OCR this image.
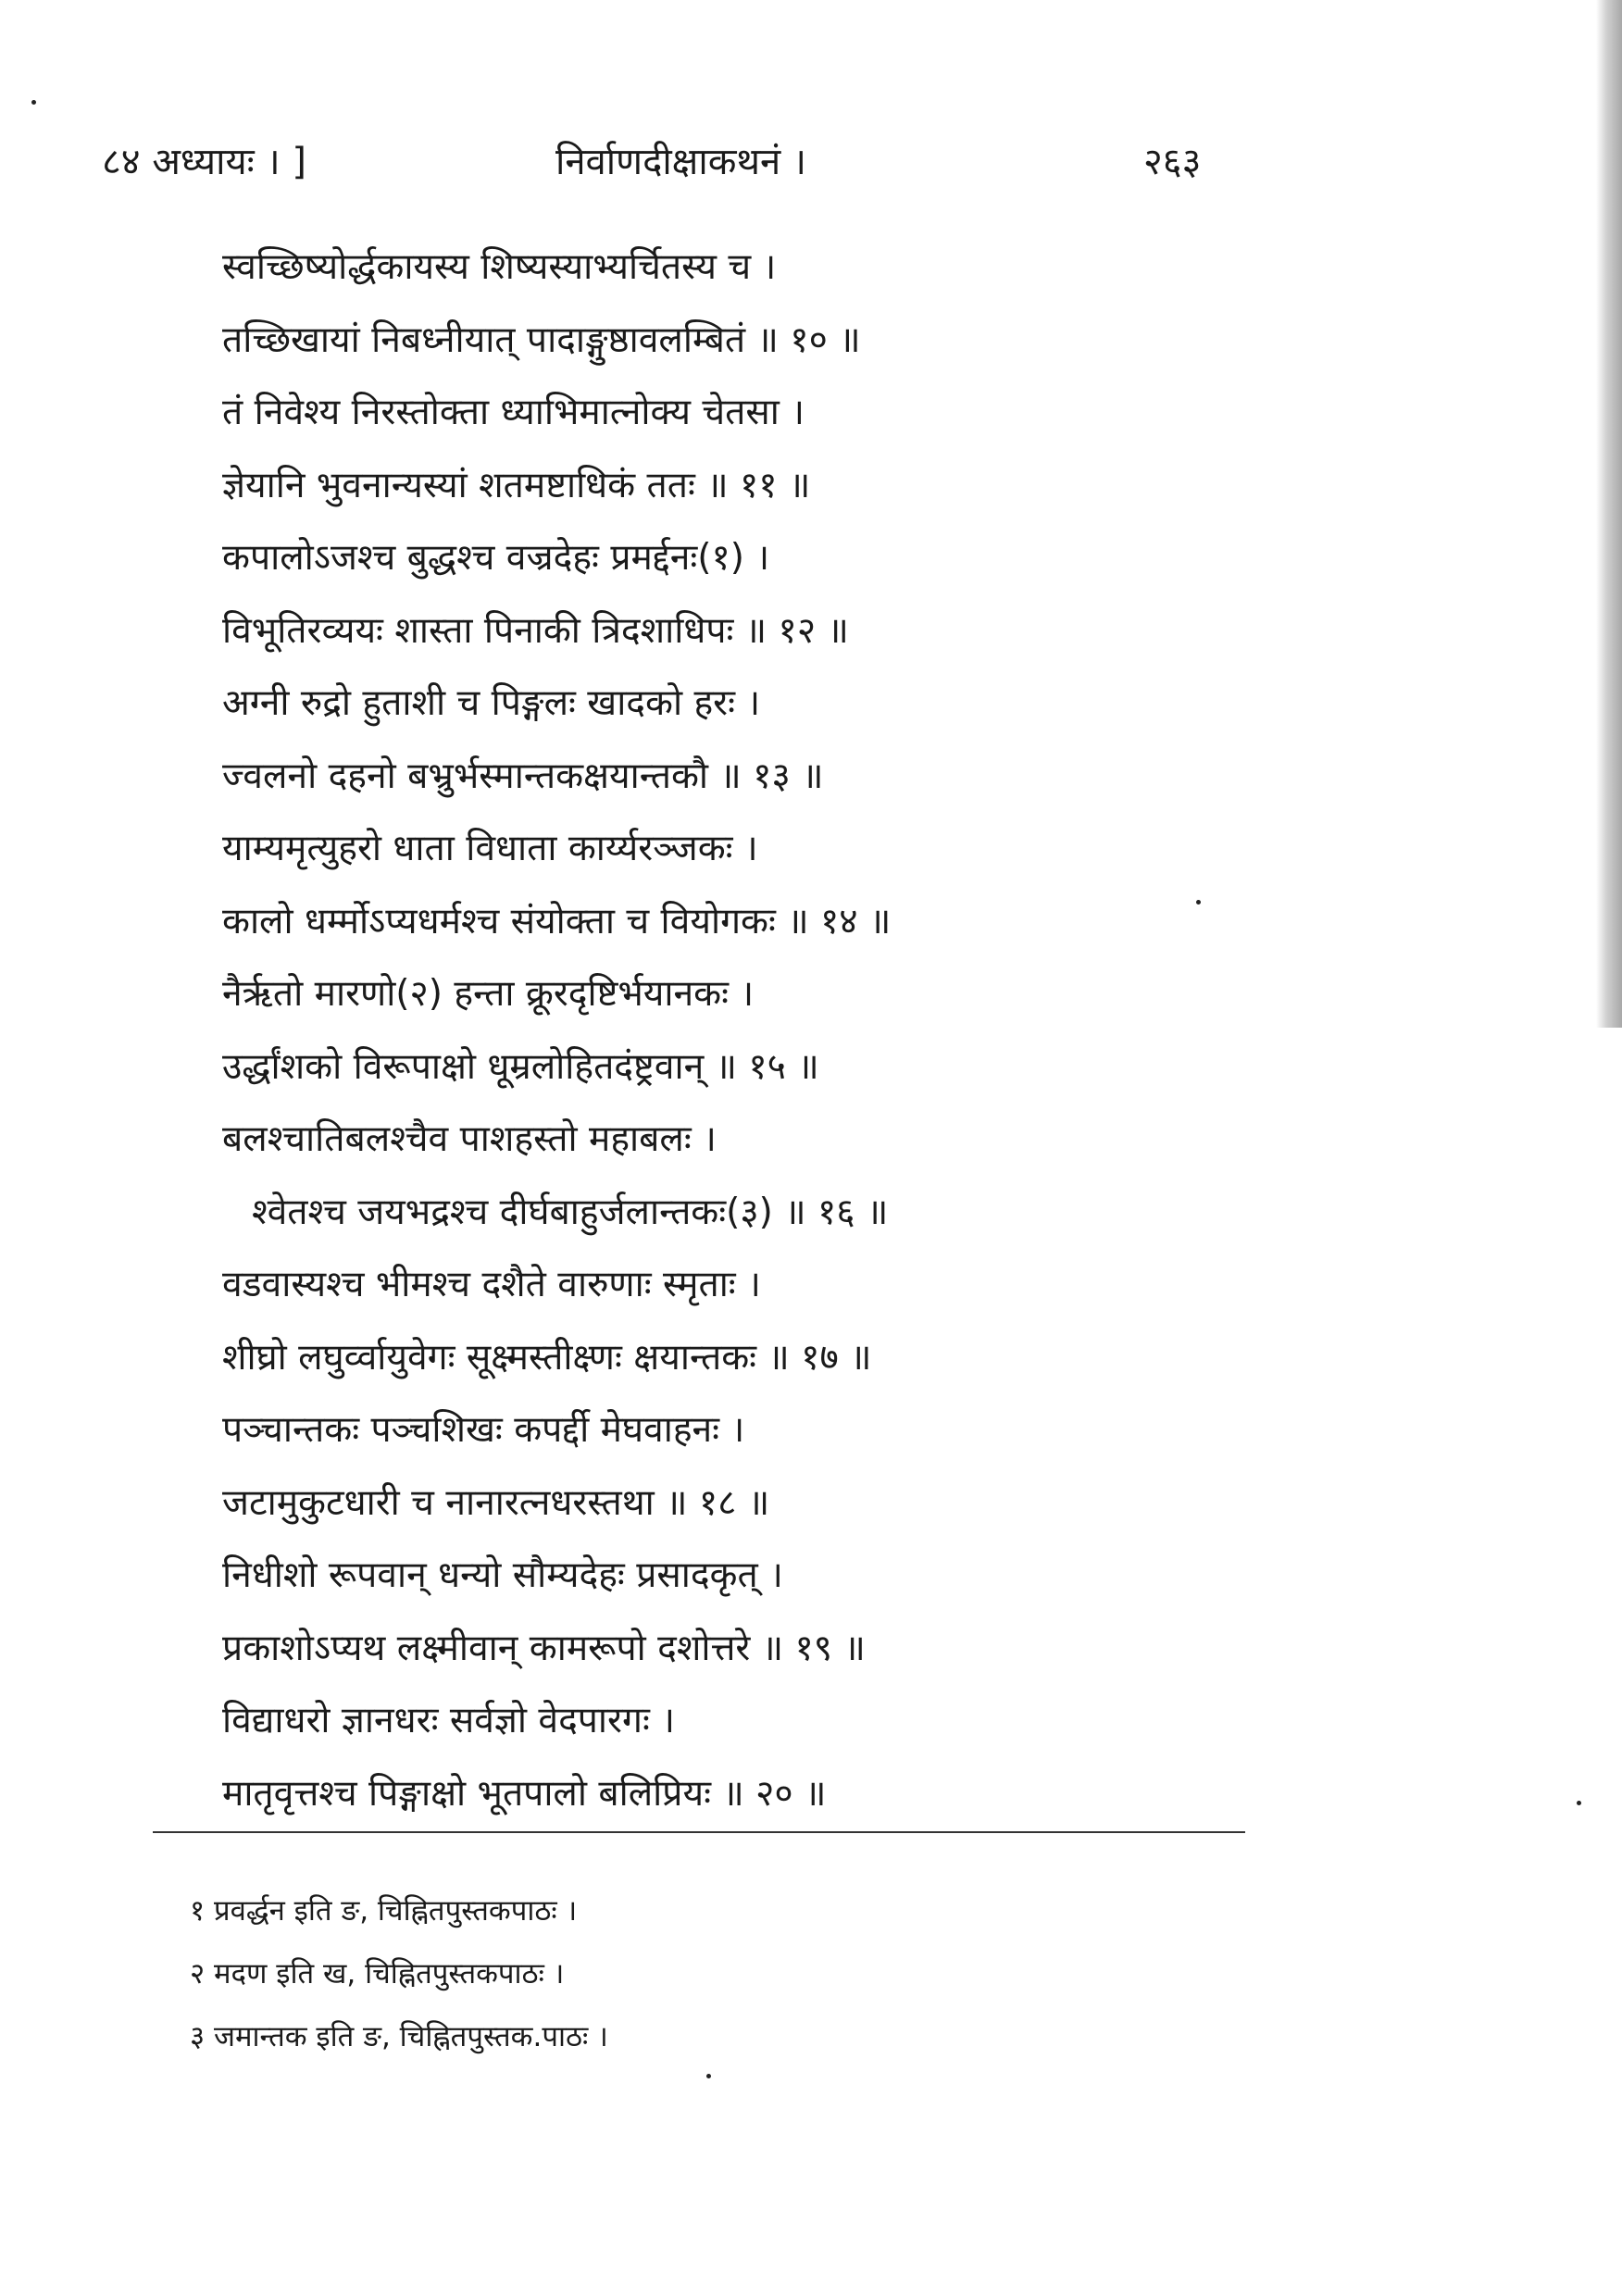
८४ अध्यायः । ]	निर्वाणदीक्षाकथनं ।	२६३
स्वच्छिष्योर्द्धकायस्य शिष्यस्याभ्यर्चितस्य च ।
तच्छिखायां निबध्नीयात् पादाङ्गुष्ठावलम्बितं ॥ १० ॥
तं निवेश्य निरस्तोक्ता ध्याभिमात्नोक्य चेतसा ।
ज्ञेयानि भुवनान्यस्यां शतमष्टाधिकं ततः ॥ ११ ॥
कपालोऽजश्च बुद्धश्च वज्रदेहः प्रमर्द्दनः(१) ।
विभूतिरव्ययः शास्ता पिनाकी त्रिदशाधिपः ॥ १२ ॥
अग्नी रुद्रो हुताशी च पिङ्गलः खादको हरः ।
ज्वलनो दहनो बभ्रुर्भस्मान्तकक्षयान्तकौ ॥ १३ ॥
याम्यमृत्युहरो धाता विधाता कार्य्यरञ्जकः ।
कालो धर्म्मोऽप्यधर्मश्च संयोक्ता च वियोगकः ॥ १४ ॥
नैर्ऋतो मारणो(२) हन्ता क्रूरदृष्टिर्भयानकः ।
उर्द्धांशको विरूपाक्षो धूम्रलोहितदंष्ट्रवान् ॥ १५ ॥
बलश्चातिबलश्चैव पाशहस्तो महाबलः ।
श्वेतश्च जयभद्रश्च दीर्घबाहुर्जलान्तकः(३) ॥ १६ ॥
वडवास्यश्च भीमश्च दशैते वारुणाः स्मृताः ।
शीघ्रो लघुर्व्वायुवेगः सूक्ष्मस्तीक्ष्णः क्षयान्तकः ॥ १७ ॥
पञ्चान्तकः पञ्चशिखः कपर्द्दी मेघवाहनः ।
जटामुकुटधारी च नानारत्नधरस्तथा ॥ १८ ॥
निधीशो रूपवान् धन्यो सौम्यदेहः प्रसादकृत् ।
प्रकाशोऽप्यथ लक्ष्मीवान् कामरूपो दशोत्तरे ॥ १९ ॥
विद्याधरो ज्ञानधरः सर्वज्ञो वेदपारगः ।
मातृवृत्तश्च पिङ्गाक्षो भूतपालो बलिप्रियः ॥ २० ॥
१ प्रवर्द्धन इति ङ, चिह्नितपुस्तकपाठः ।
२ मदण इति ख, चिह्नितपुस्तकपाठः ।
३ जमान्तक इति ङ, चिह्नितपुस्तक.पाठः ।
